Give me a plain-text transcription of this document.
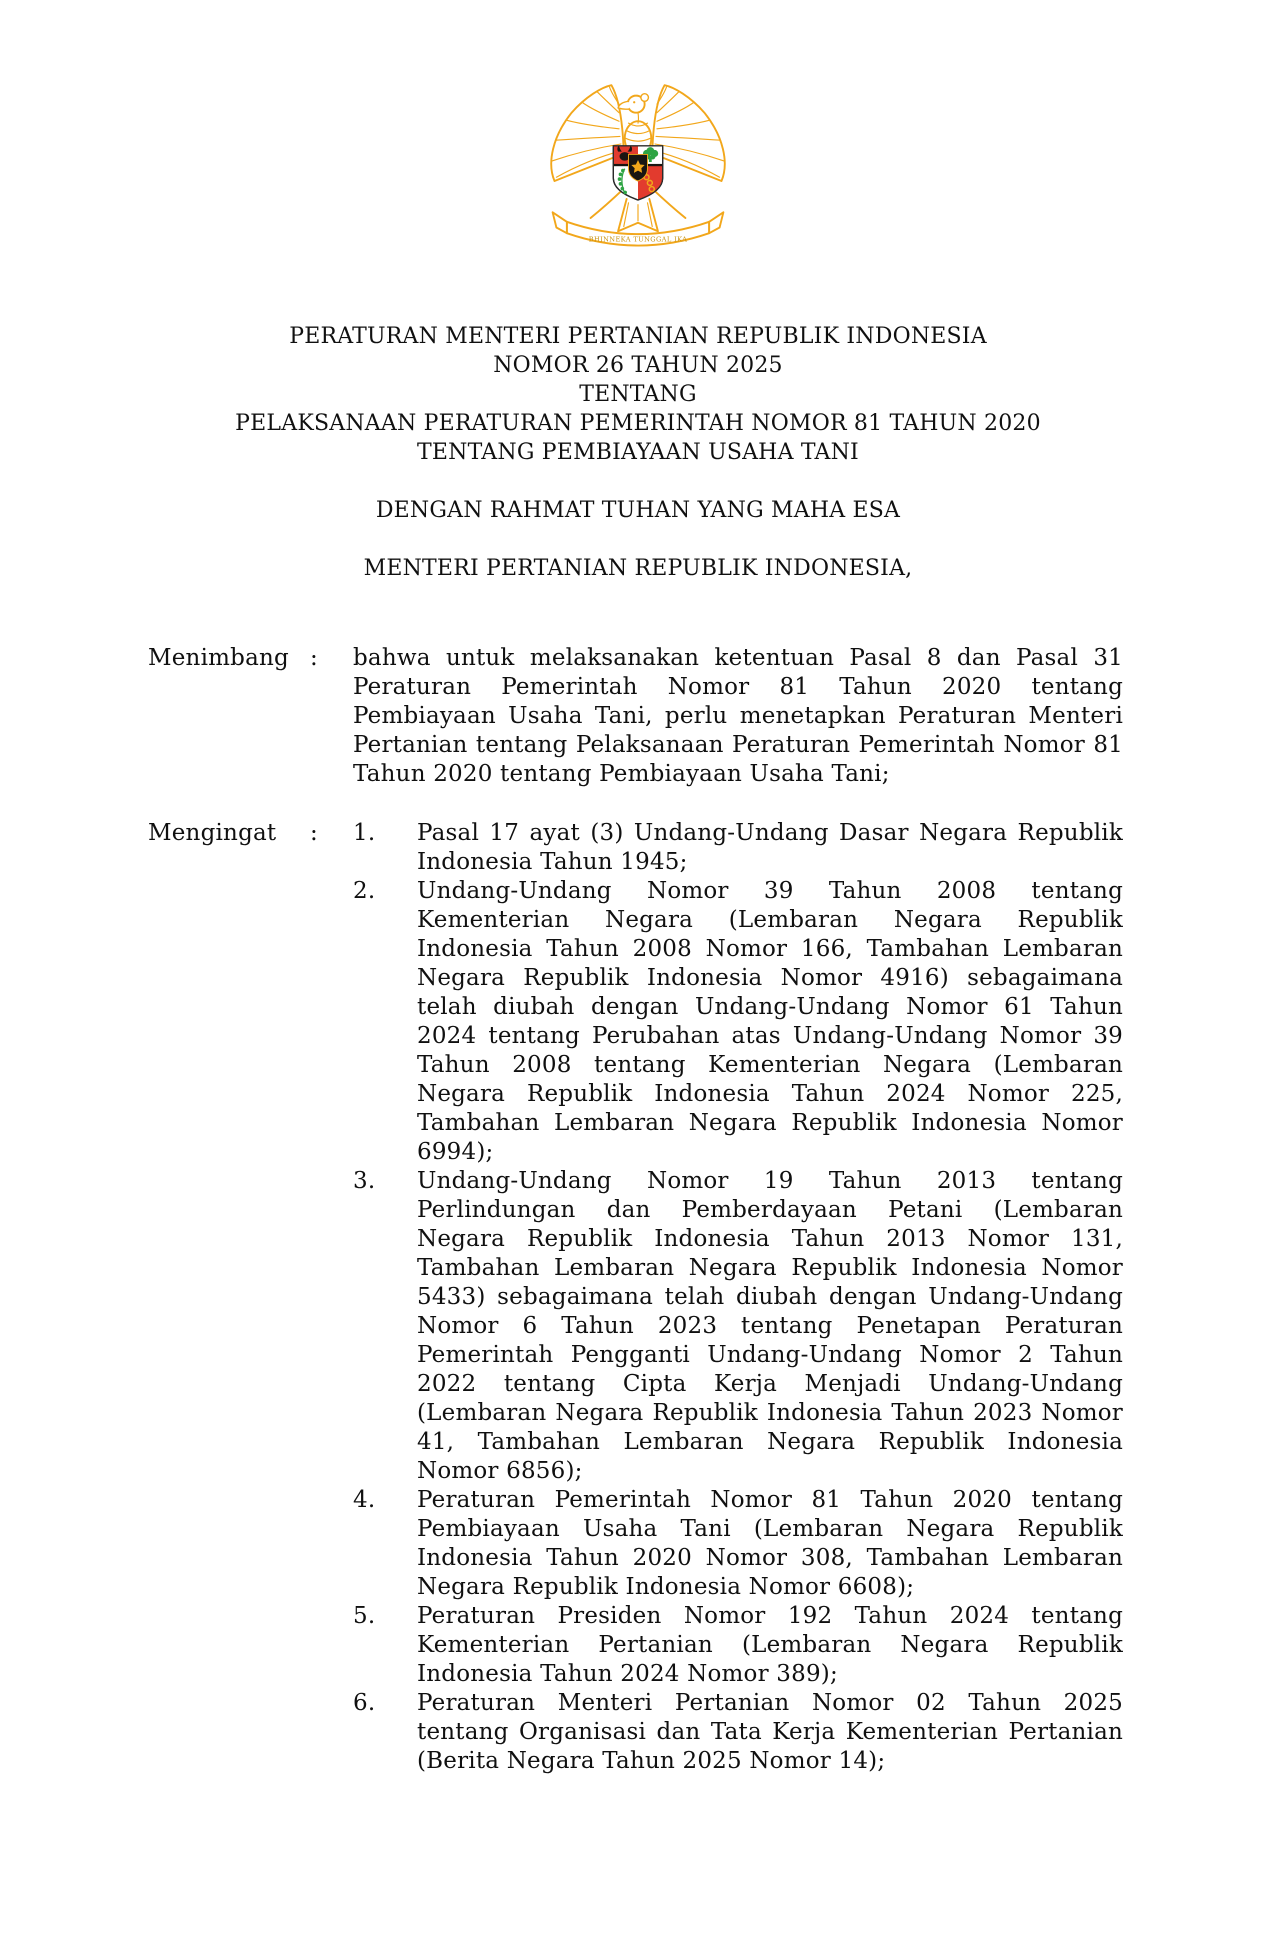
BHINNEKA TUNGGAL IKA
PERATURAN MENTERI PERTANIAN REPUBLIK INDONESIA
NOMOR 26 TAHUN 2025
TENTANG
PELAKSANAAN PERATURAN PEMERINTAH NOMOR 81 TAHUN 2020
TENTANG PEMBIAYAAN USAHA TANI
DENGAN RAHMAT TUHAN YANG MAHA ESA
MENTERI PERTANIAN REPUBLIK INDONESIA,
Menimbang :	bahwa untuk melaksanakan ketentuan Pasal 8 dan Pasal 31 Peraturan Pemerintah Nomor 81 Tahun 2020 tentang Pembiayaan Usaha Tani, perlu menetapkan Peraturan Menteri Pertanian tentang Pelaksanaan Peraturan Pemerintah Nomor 81 Tahun 2020 tentang Pembiayaan Usaha Tani;
Mengingat	:	1.	Pasal 17 ayat (3) Undang-Undang Dasar Negara Republik Indonesia Tahun 1945;
2.	Undang-Undang Nomor 39 Tahun 2008 tentang Kementerian Negara (Lembaran Negara Republik Indonesia Tahun 2008 Nomor 166, Tambahan Lembaran Negara Republik Indonesia Nomor 4916) sebagaimana telah diubah dengan Undang-Undang Nomor 61 Tahun 2024 tentang Perubahan atas Undang-Undang Nomor 39 Tahun 2008 tentang Kementerian Negara (Lembaran Negara Republik Indonesia Tahun 2024 Nomor 225, Tambahan Lembaran Negara Republik Indonesia Nomor 6994);
3.	Undang-Undang Nomor 19 Tahun 2013 tentang Perlindungan dan Pemberdayaan Petani (Lembaran Negara Republik Indonesia Tahun 2013 Nomor 131, Tambahan Lembaran Negara Republik Indonesia Nomor 5433) sebagaimana telah diubah dengan Undang-Undang Nomor 6 Tahun 2023 tentang Penetapan Peraturan Pemerintah Pengganti Undang-Undang Nomor 2 Tahun 2022 tentang Cipta Kerja Menjadi Undang-Undang (Lembaran Negara Republik Indonesia Tahun 2023 Nomor 41, Tambahan Lembaran Negara Republik Indonesia Nomor 6856);
4.	Peraturan Pemerintah Nomor 81 Tahun 2020 tentang Pembiayaan Usaha Tani (Lembaran Negara Republik Indonesia Tahun 2020 Nomor 308, Tambahan Lembaran Negara Republik Indonesia Nomor 6608);
5.	Peraturan Presiden Nomor 192 Tahun 2024 tentang Kementerian Pertanian (Lembaran Negara Republik Indonesia Tahun 2024 Nomor 389);
6.	Peraturan Menteri Pertanian Nomor 02 Tahun 2025 tentang Organisasi dan Tata Kerja Kementerian Pertanian (Berita Negara Tahun 2025 Nomor 14);
